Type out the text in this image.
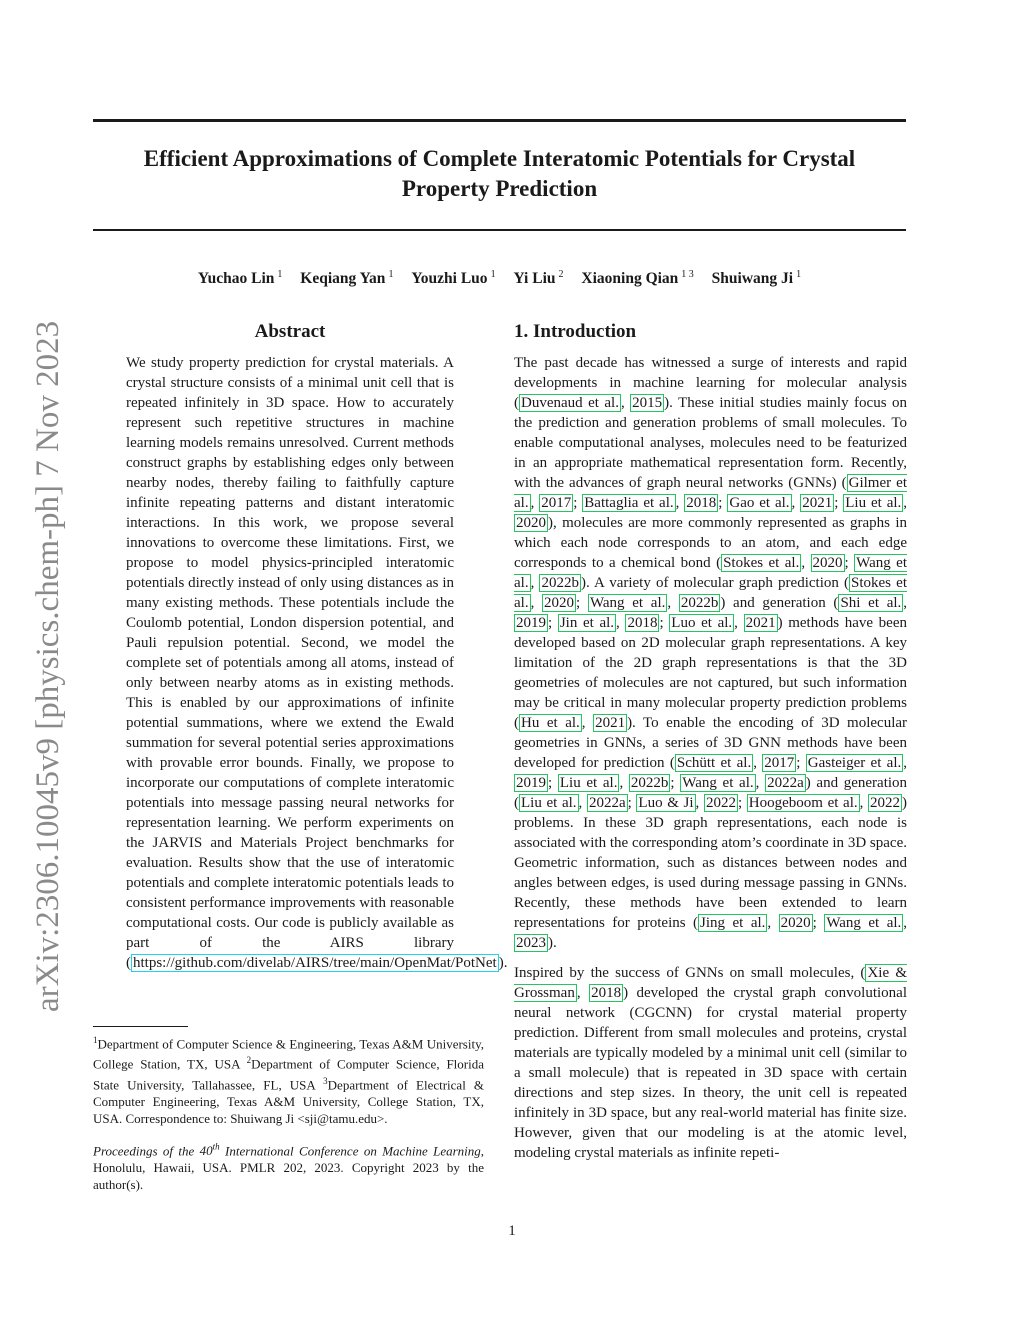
arXiv:2306.10045v9 [physics.chem-ph] 7 Nov 2023
Efficient Approximations of Complete Interatomic Potentials for Crystal
Property Prediction
Yuchao Lin $^1$ Keqiang Yan $^1$ Youzhi Luo $^1$ Yi Liu $^2$ Xiaoning Qian $^{1 3}$ Shuiwang Ji $^1$
Abstract

We study property prediction for crystal materials. A crystal structure consists of a minimal unit cell that is repeated infinitely in 3D space. How to accurately represent such repetitive structures in machine learning models remains unresolved. Current methods construct graphs by establishing edges only between nearby nodes, thereby failing to faithfully capture infinite repeating patterns and distant interatomic interactions. In this work, we propose several innovations to overcome these limitations. First, we propose to model physics-principled interatomic potentials directly instead of only using distances as in many existing methods. These potentials include the Coulomb potential, London dispersion potential, and Pauli repulsion potential. Second, we model the complete set of potentials among all atoms, instead of only between nearby atoms as in existing methods. This is enabled by our approximations of infinite potential summations, where we extend the Ewald summation for several potential series approximations with provable error bounds. Finally, we propose to incorporate our computations of complete interatomic potentials into message passing neural networks for representation learning. We perform experiments on the JARVIS and Materials Project benchmarks for evaluation. Results show that the use of interatomic potentials and complete interatomic potentials leads to consistent performance improvements with reasonable computational costs. Our code is publicly available as part of the AIRS library ( https://github.com/divelab/AIRS/tree/main/OpenMat/PotNet ).

1. Introduction

The past decade has witnessed a surge of interests and rapid developments in machine learning for molecular analysis ( Duvenaud et al. , 2015 ). These initial studies mainly focus on the prediction and generation problems of small molecules. To enable computational analyses, molecules need to be featurized in an appropriate mathematical representation form. Recently, with the advances of graph neural networks (GNNs) ( Gilmer et al. , 2017 ; Battaglia et al. , 2018 ; Gao et al. , 2021 ; Liu et al. , 2020 ), molecules are more commonly represented as graphs in which each node corresponds to an atom, and each edge corresponds to a chemical bond ( Stokes et al. , 2020 ; Wang et al. , 2022b ). A variety of molecular graph prediction ( Stokes et al. , 2020 ; Wang et al. , 2022b ) and generation ( Shi et al. , 2019 ; Jin et al. , 2018 ; Luo et al. , 2021 ) methods have been developed based on 2D molecular graph representations. A key limitation of the 2D graph representations is that the 3D geometries of molecules are not captured, but such information may be critical in many molecular property prediction problems ( Hu et al. , 2021 ). To enable the encoding of 3D molecular geometries in GNNs, a series of 3D GNN methods have been developed for prediction ( Schütt et al. , 2017 ; Gasteiger et al. , 2019 ; Liu et al. , 2022b ; Wang et al. , 2022a ) and generation ( Liu et al. , 2022a ; Luo & Ji , 2022 ; Hoogeboom et al. , 2022 ) problems. In these 3D graph representations, each node is associated with the corresponding atom’s coordinate in 3D space. Geometric information, such as distances between nodes and angles between edges, is used during message passing in GNNs. Recently, these methods have been extended to learn representations for proteins ( Jing et al. , 2020 ; Wang et al. , 2023 ).

Inspired by the success of GNNs on small molecules, ( Xie & Grossman , 2018 ) developed the crystal graph convolutional neural network (CGCNN) for crystal material property prediction. Different from small molecules and proteins, crystal materials are typically modeled by a minimal unit cell (similar to a small molecule) that is repeated in 3D space with certain directions and step sizes. In theory, the unit cell is repeated infinitely in 3D space, but any real-world material has finite size. However, given that our modeling is at the atomic level, modeling crystal materials as infinite repeti-

$^1$Department of Computer Science & Engineering, Texas A&M University, College Station, TX, USA $^2$Department of Computer Science, Florida State University, Tallahassee, FL, USA $^3$Department of Electrical & Computer Engineering, Texas A&M University, College Station, TX, USA. Correspondence to: Shuiwang Ji <sji@tamu.edu>.
Proceedings of the 40th International Conference on Machine Learning, Honolulu, Hawaii, USA. PMLR 202, 2023. Copyright 2023 by the author(s).
1
